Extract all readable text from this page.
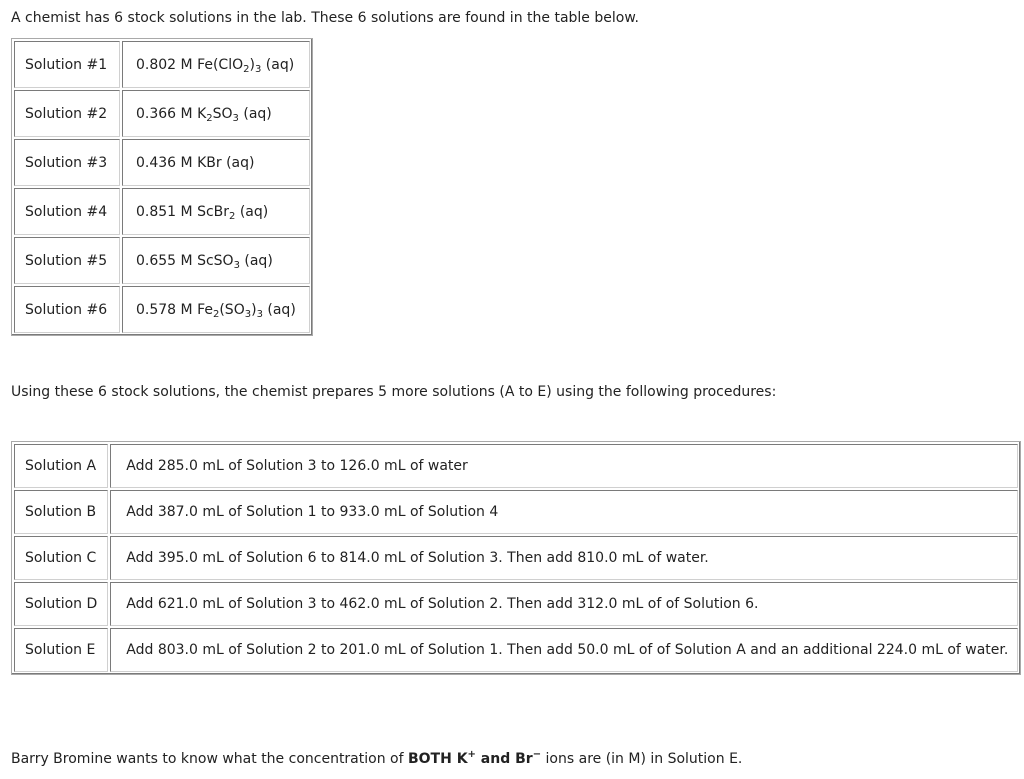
A chemist has 6 stock solutions in the lab. These 6 solutions are found in the table below.

Solution #1	0.802 M $Fe(ClO_2)_3$ (aq)
Solution #2	0.366 M $K_2SO_3$ (aq)
Solution #3	0.436 M KBr (aq)
Solution #4	0.851 M ScBr$_2$ (aq)
Solution #5	0.655 M ScSO$_3$ (aq)
Solution #6	0.578 M $Fe_2(SO_3)_3$ (aq)

Using these 6 stock solutions, the chemist prepares 5 more solutions (A to E) using the following procedures:

Solution A	Add 285.0 mL of Solution 3 to 126.0 mL of water
Solution B	Add 387.0 mL of Solution 1 to 933.0 mL of Solution 4
Solution C	Add 395.0 mL of Solution 6 to 814.0 mL of Solution 3. Then add 810.0 mL of water.
Solution D	Add 621.0 mL of Solution 3 to 462.0 mL of Solution 2. Then add 312.0 mL of of Solution 6.
Solution E	Add 803.0 mL of Solution 2 to 201.0 mL of Solution 1. Then add 50.0 mL of of Solution A and an additional 224.0 mL of water.

Barry Bromine wants to know what the concentration of BOTH K+ and Br− ions are (in M) in Solution E.
